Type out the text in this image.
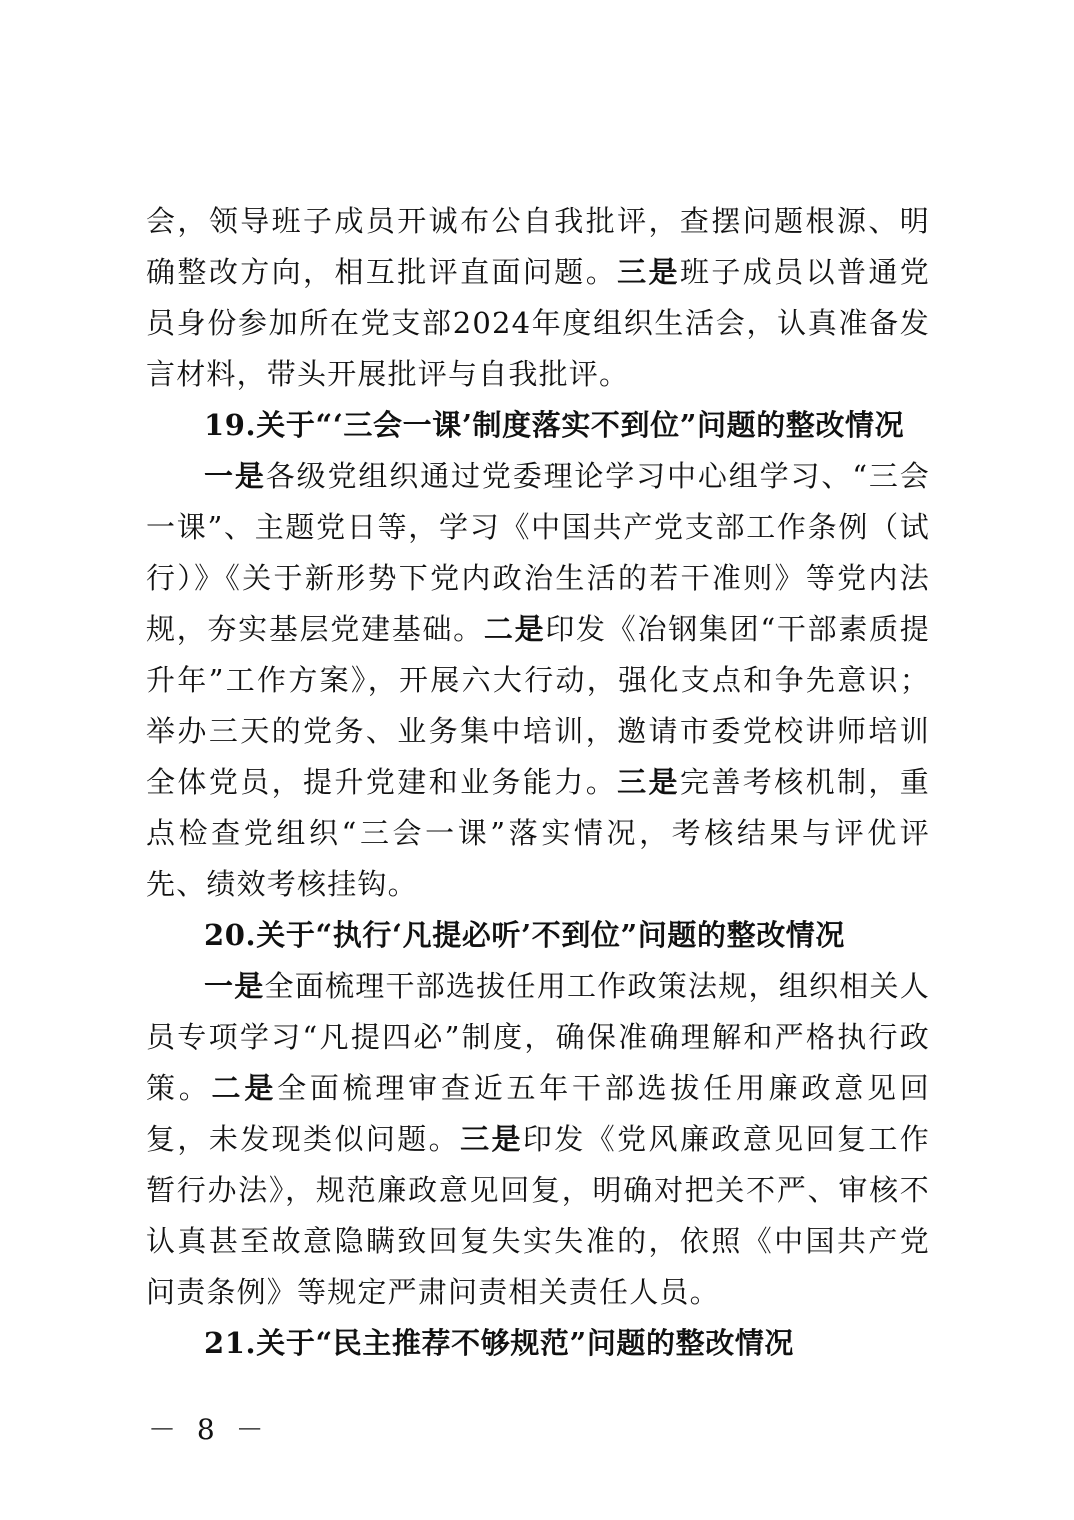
会，领导班子成员开诚布公自我批评，查摆问题根源、明确整改方向，相互批评直面问题。三是班子成员以普通党员身份参加所在党支部2024年度组织生活会，认真准备发言材料，带头开展批评与自我批评。

19.关于“‘三会一课’制度落实不到位”问题的整改情况

一是各级党组织通过党委理论学习中心组学习、“三会一课”、主题党日等，学习《中国共产党支部工作条例（试行）》《关于新形势下党内政治生活的若干准则》等党内法规，夯实基层党建基础。二是印发《冶钢集团“干部素质提升年”工作方案》，开展六大行动，强化支点和争先意识；举办三天的党务、业务集中培训，邀请市委党校讲师培训全体党员，提升党建和业务能力。三是完善考核机制，重点检查党组织“三会一课”落实情况，考核结果与评优评先、绩效考核挂钩。

20.关于“执行‘凡提必听’不到位”问题的整改情况

一是全面梳理干部选拔任用工作政策法规，组织相关人员专项学习“凡提四必”制度，确保准确理解和严格执行政策。二是全面梳理审查近五年干部选拔任用廉政意见回复，未发现类似问题。三是印发《党风廉政意见回复工作暂行办法》，规范廉政意见回复，明确对把关不严、审核不认真甚至故意隐瞒致回复失实失准的，依照《中国共产党问责条例》等规定严肃问责相关责任人员。

21.关于“民主推荐不够规范”问题的整改情况

－ 8 －
